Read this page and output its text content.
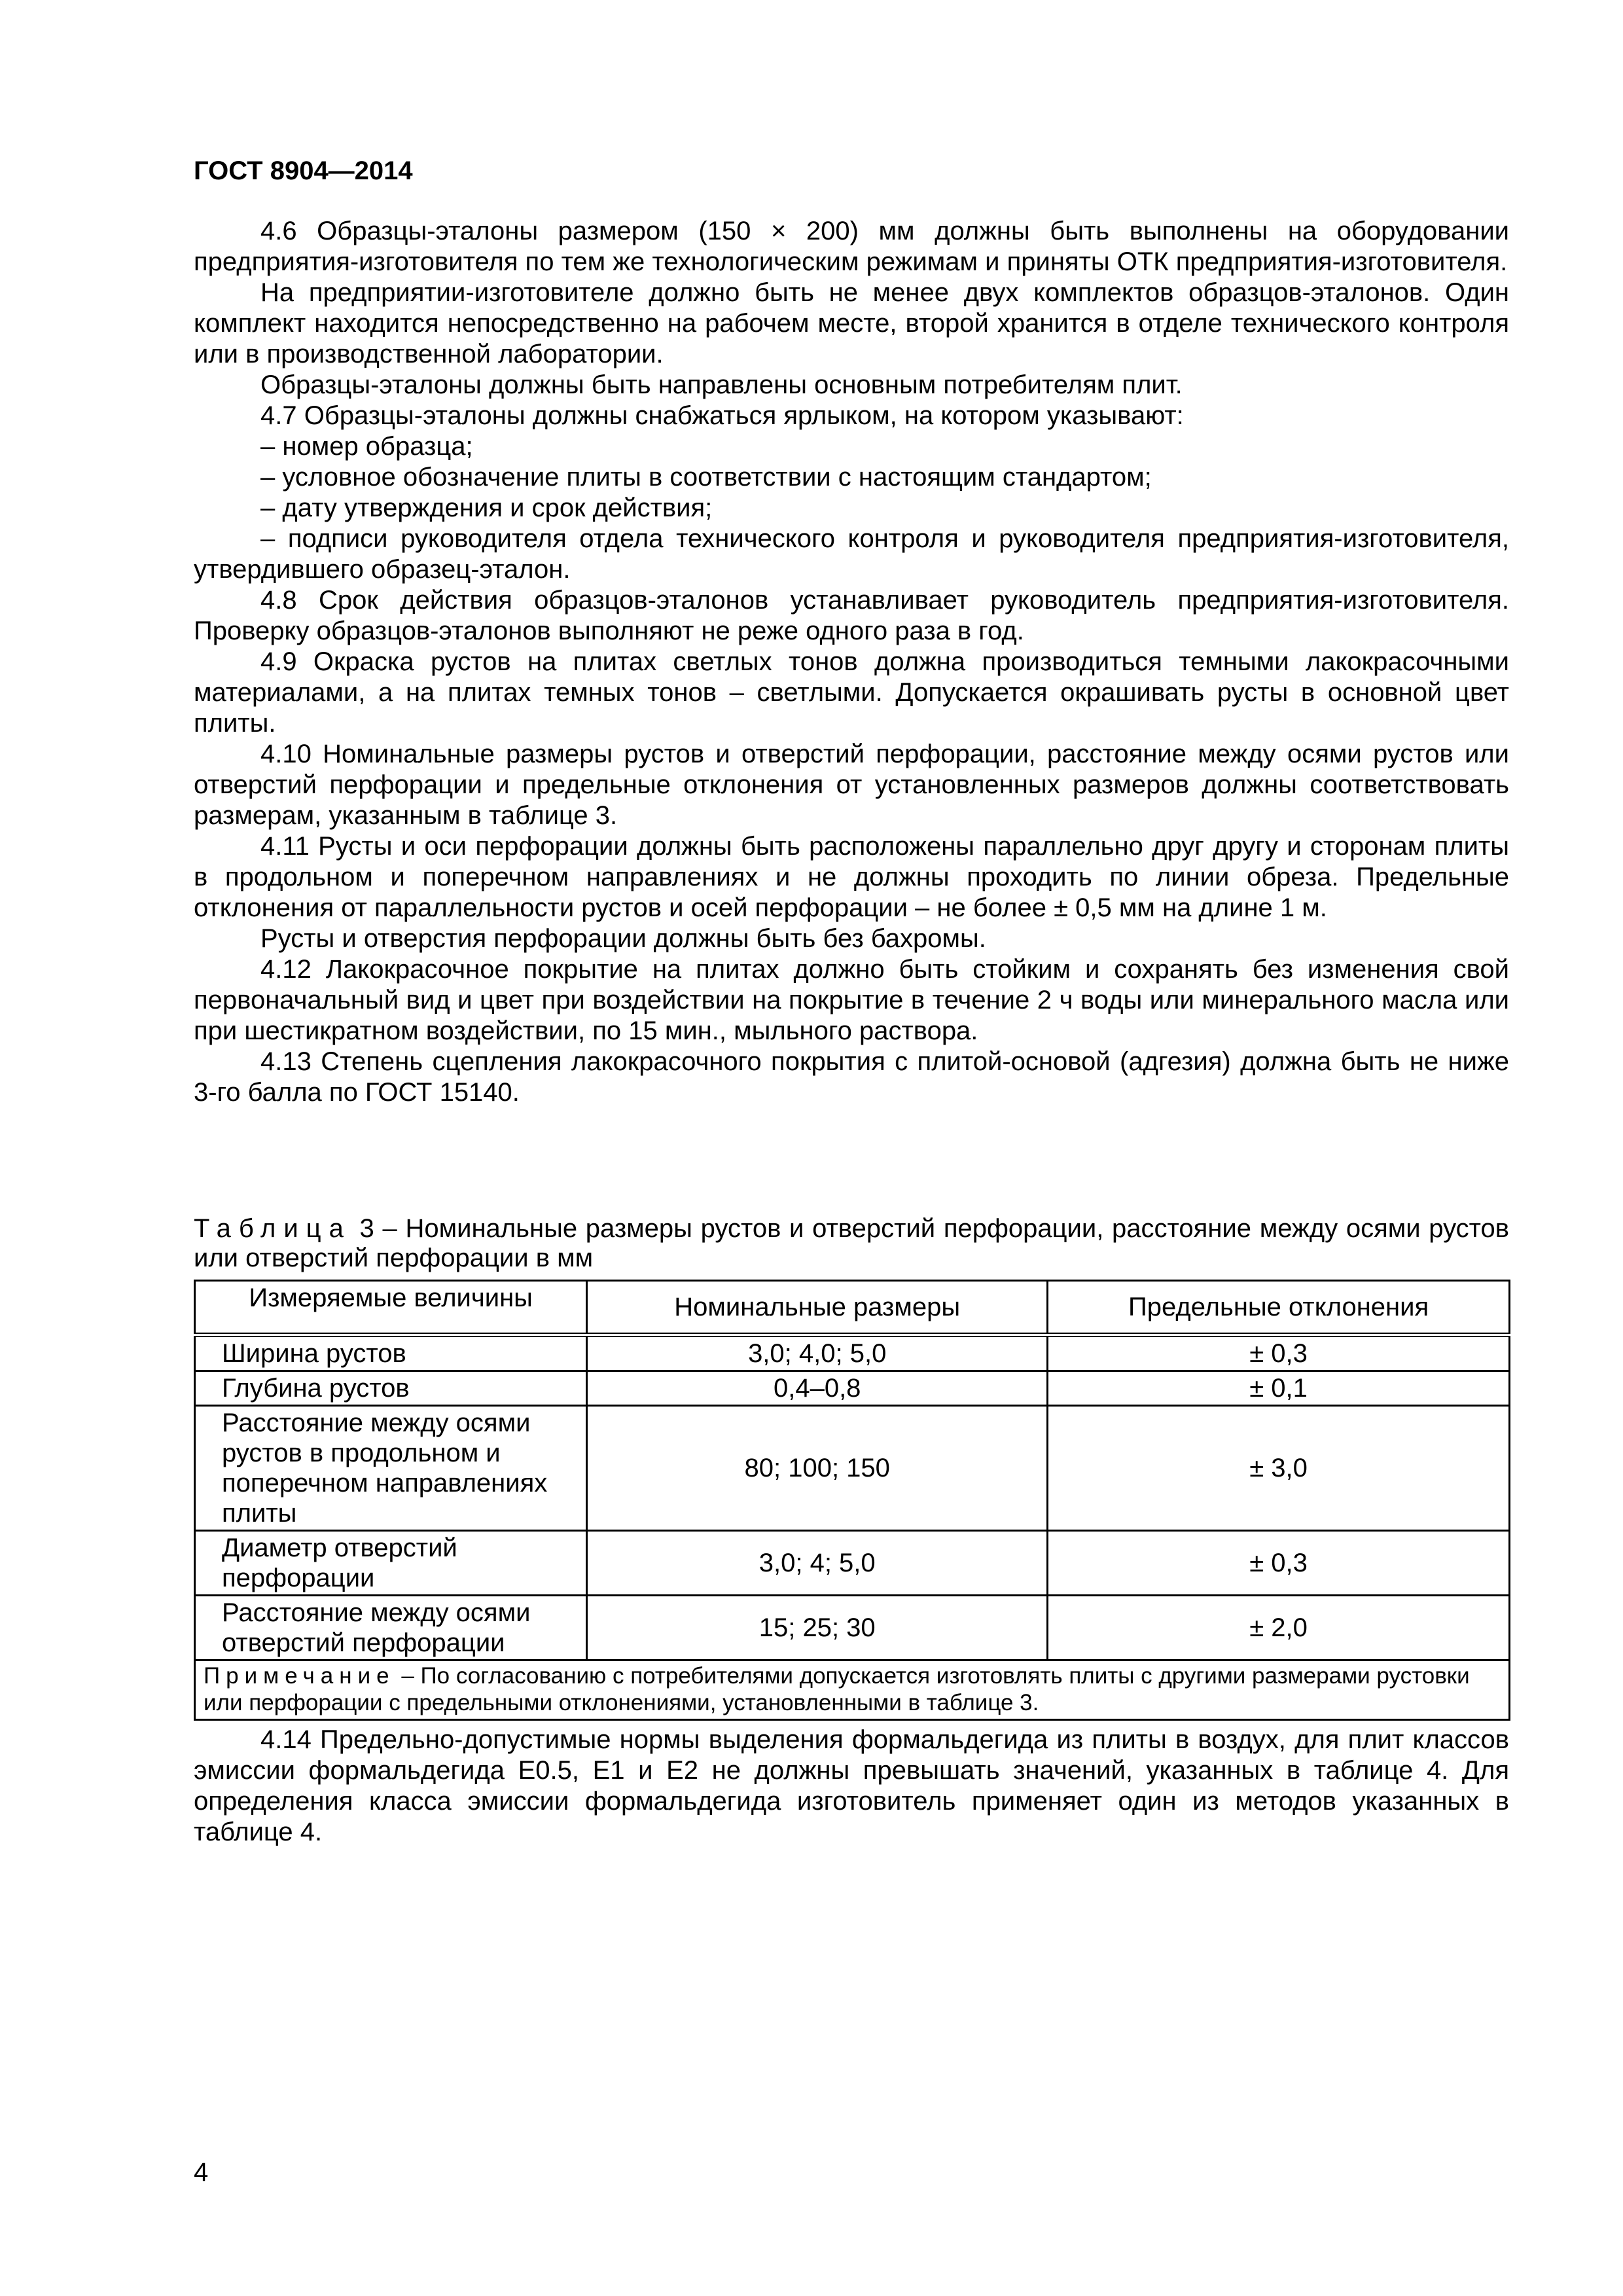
ГОСТ 8904—2014

4.6 Образцы-эталоны размером (150 × 200) мм должны быть выполнены на оборудовании предприятия-изготовителя по тем же технологическим режимам и приняты ОТК предприятия-изготовителя.

На предприятии-изготовителе должно быть не менее двух комплектов образцов-эталонов. Один комплект находится непосредственно на рабочем месте, второй хранится в отделе технического контроля или в производственной лаборатории.

Образцы-эталоны должны быть направлены основным потребителям плит.

4.7 Образцы-эталоны должны снабжаться ярлыком, на котором указывают:

– номер образца;

– условное обозначение плиты в соответствии с настоящим стандартом;

– дату утверждения и срок действия;

– подписи руководителя отдела технического контроля и руководителя предприятия-изготовителя, утвердившего образец-эталон.

4.8 Срок действия образцов-эталонов устанавливает руководитель предприятия-изготовителя. Проверку образцов-эталонов выполняют не реже одного раза в год.

4.9 Окраска рустов на плитах светлых тонов должна производиться темными лакокрасочными материалами, а на плитах темных тонов – светлыми. Допускается окрашивать русты в основной цвет плиты.

4.10 Номинальные размеры рустов и отверстий перфорации, расстояние между осями рустов или отверстий перфорации и предельные отклонения от установленных размеров должны соответствовать размерам, указанным в таблице 3.

4.11 Русты и оси перфорации должны быть расположены параллельно друг другу и сторонам плиты в продольном и поперечном направлениях и не должны проходить по линии обреза. Предельные отклонения от параллельности рустов и осей перфорации – не более ± 0,5 мм на длине 1 м.

Русты и отверстия перфорации должны быть без бахромы.

4.12 Лакокрасочное покрытие на плитах должно быть стойким и сохранять без изменения свой первоначальный вид и цвет при воздействии на покрытие в течение 2 ч воды или минерального масла или при шестикратном воздействии, по 15 мин., мыльного раствора.

4.13 Степень сцепления лакокрасочного покрытия с плитой-основой (адгезия) должна быть не ниже 3-го балла по ГОСТ 15140.

Таблица 3 – Номинальные размеры рустов и отверстий перфорации, расстояние между осями рустов или отверстий перфорации в мм
Измеряемые величины	Номинальные размеры	Предельные отклонения
Ширина рустов	3,0; 4,0; 5,0	± 0,3
Глубина рустов	0,4–0,8	± 0,1

Расстояние между осями рустов в продольном и поперечном направлениях плиты	80; 100; 150	± 3,0

Диаметр отверстий перфорации	3,0; 4; 5,0	± 0,3

Расстояние между осями отверстий перфорации	15; 25; 30	± 2,0
Примечание – По согласованию с потребителями допускается изготовлять плиты с другими размерами рустовки или перфорации с предельными отклонениями, установленными в таблице 3.		

4.14 Предельно-допустимые нормы выделения формальдегида из плиты в воздух, для плит классов эмиссии формальдегида Е0.5, Е1 и Е2 не должны превышать значений, указанных в таблице 4. Для определения класса эмиссии формальдегида изготовитель применяет один из методов указанных в таблице 4.

4
